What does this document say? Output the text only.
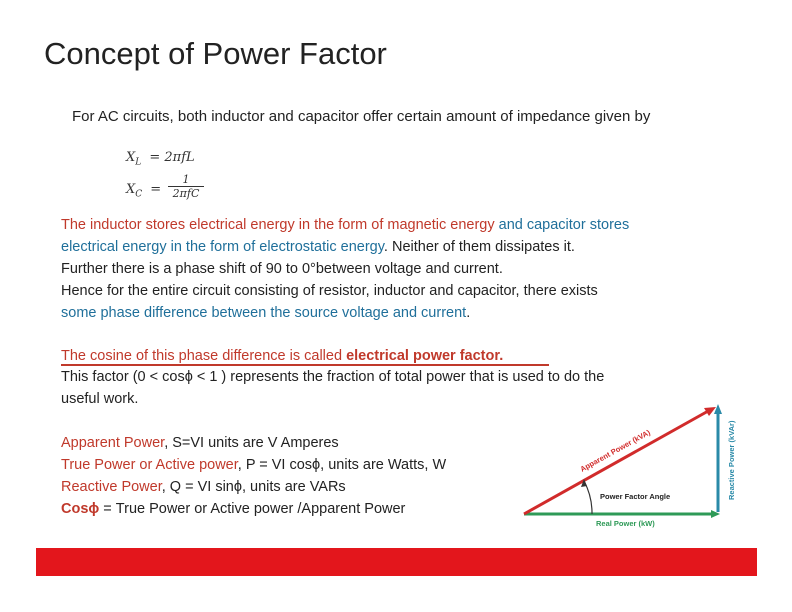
Concept of Power Factor
For AC circuits, both inductor and capacitor offer certain amount of impedance given by
$X_L = 2\pi fL$
$X_C$ =
1
2πfC
The inductor stores electrical energy in the form of magnetic energy and capacitor stores
electrical energy in the form of electrostatic energy. Neither of them dissipates it.
Further there is a phase shift of 90 to 0°between voltage and current.
Hence for the entire circuit consisting of resistor, inductor and capacitor, there exists
some phase difference between the source voltage and current.
The cosine of this phase difference is called electrical power factor.
This factor (0 < cosϕ < 1 ) represents the fraction of total power that is used to do the
useful work.
Apparent Power, S=VI units are V Amperes
True Power or Active power, P = VI cosϕ, units are Watts, W
Reactive Power, Q = VI sinϕ, units are VARs
Cosϕ = True Power or Active power /Apparent Power
Apparent Power (kVA)	Reactive Power (kVAr)
Real Power (kW)
Power Factor Angle
